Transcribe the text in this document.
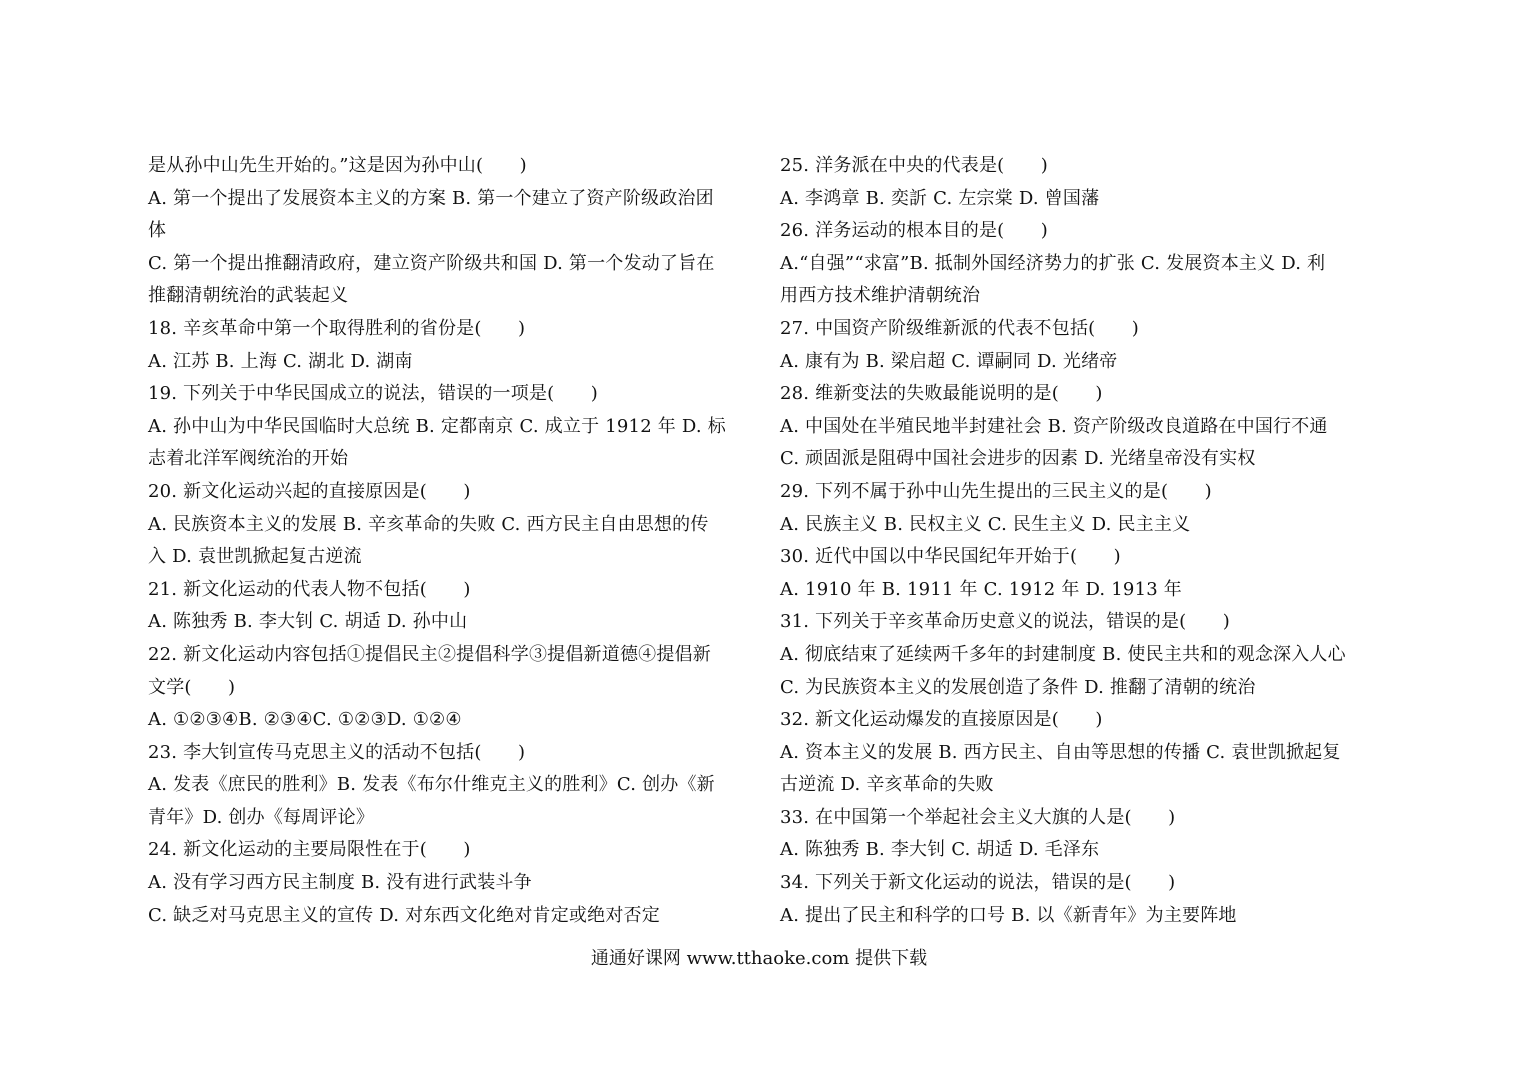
是从孙中山先生开始的。”这是因为孙中山(　　)
A. 第一个提出了发展资本主义的方案 B. 第一个建立了资产阶级政治团
体
C. 第一个提出推翻清政府，建立资产阶级共和国 D. 第一个发动了旨在
推翻清朝统治的武装起义
18. 辛亥革命中第一个取得胜利的省份是(　　)
A. 江苏 B. 上海 C. 湖北 D. 湖南
19. 下列关于中华民国成立的说法，错误的一项是(　　)
A. 孙中山为中华民国临时大总统 B. 定都南京 C. 成立于 1912 年 D. 标
志着北洋军阀统治的开始
20. 新文化运动兴起的直接原因是(　　)
A. 民族资本主义的发展 B. 辛亥革命的失败 C. 西方民主自由思想的传
入 D. 袁世凯掀起复古逆流
21. 新文化运动的代表人物不包括(　　)
A. 陈独秀 B. 李大钊 C. 胡适 D. 孙中山
22. 新文化运动内容包括①提倡民主②提倡科学③提倡新道德④提倡新
文学(　　)
A. ①②③④B. ②③④C. ①②③D. ①②④
23. 李大钊宣传马克思主义的活动不包括(　　)
A. 发表《庶民的胜利》B. 发表《布尔什维克主义的胜利》C. 创办《新
青年》D. 创办《每周评论》
24. 新文化运动的主要局限性在于(　　)
A. 没有学习西方民主制度 B. 没有进行武装斗争
C. 缺乏对马克思主义的宣传 D. 对东西文化绝对肯定或绝对否定
25. 洋务派在中央的代表是(　　)
A. 李鸿章 B. 奕訢 C. 左宗棠 D. 曾国藩
26. 洋务运动的根本目的是(　　)
A.“自强”“求富”B. 抵制外国经济势力的扩张 C. 发展资本主义 D. 利
用西方技术维护清朝统治
27. 中国资产阶级维新派的代表不包括(　　)
A. 康有为 B. 梁启超 C. 谭嗣同 D. 光绪帝
28. 维新变法的失败最能说明的是(　　)
A. 中国处在半殖民地半封建社会 B. 资产阶级改良道路在中国行不通
C. 顽固派是阻碍中国社会进步的因素 D. 光绪皇帝没有实权
29. 下列不属于孙中山先生提出的三民主义的是(　　)
A. 民族主义 B. 民权主义 C. 民生主义 D. 民主主义
30. 近代中国以中华民国纪年开始于(　　)
A. 1910 年 B. 1911 年 C. 1912 年 D. 1913 年
31. 下列关于辛亥革命历史意义的说法，错误的是(　　)
A. 彻底结束了延续两千多年的封建制度 B. 使民主共和的观念深入人心
C. 为民族资本主义的发展创造了条件 D. 推翻了清朝的统治
32. 新文化运动爆发的直接原因是(　　)
A. 资本主义的发展 B. 西方民主、自由等思想的传播 C. 袁世凯掀起复
古逆流 D. 辛亥革命的失败
33. 在中国第一个举起社会主义大旗的人是(　　)
A. 陈独秀 B. 李大钊 C. 胡适 D. 毛泽东
34. 下列关于新文化运动的说法，错误的是(　　)
A. 提出了民主和科学的口号 B. 以《新青年》为主要阵地
通通好课网 www.tthaoke.com 提供下载
